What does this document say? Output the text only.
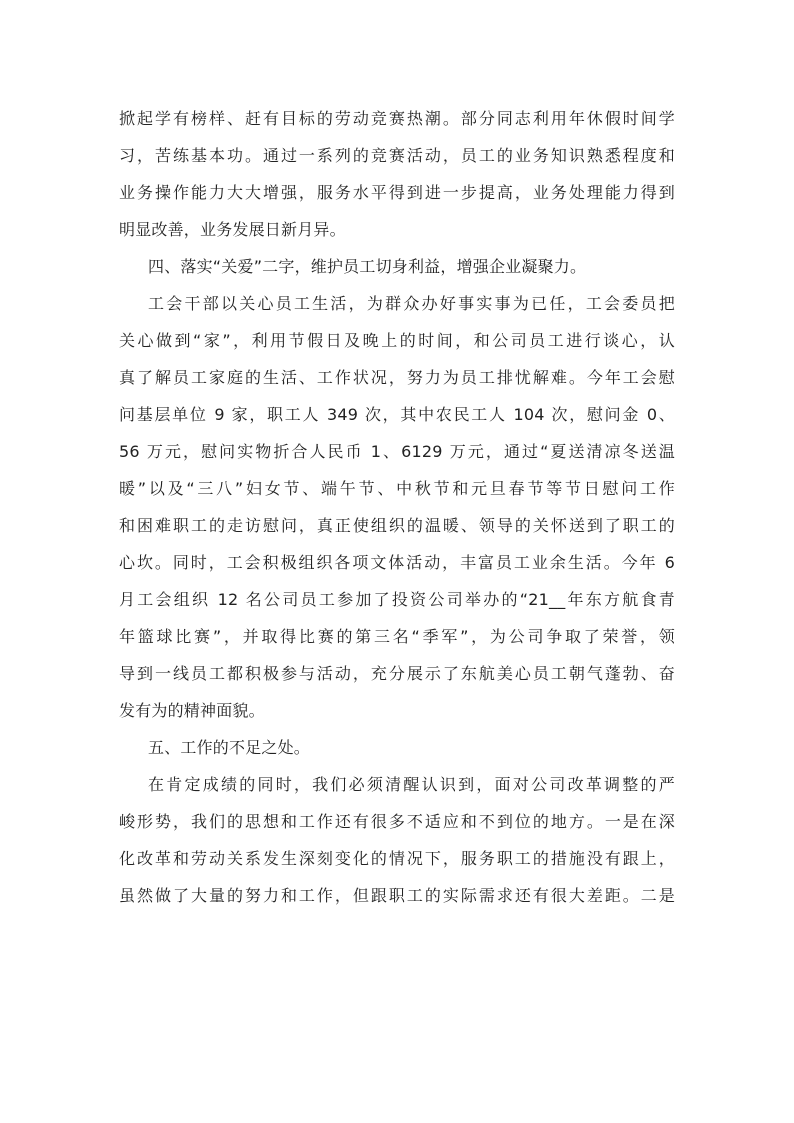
掀起学有榜样、赶有目标的劳动竞赛热潮。部分同志利用年休假时间学
习，苦练基本功。通过一系列的竞赛活动，员工的业务知识熟悉程度和
业务操作能力大大增强，服务水平得到进一步提高，业务处理能力得到
明显改善，业务发展日新月异。
四、落实“关爱”二字，维护员工切身利益，增强企业凝聚力。
工会干部以关心员工生活，为群众办好事实事为已任，工会委员把
关心做到“家”，利用节假日及晚上的时间，和公司员工进行谈心，认
真了解员工家庭的生活、工作状况，努力为员工排忧解难。今年工会慰
问基层单位 9 家，职工人 349 次，其中农民工人 104 次，慰问金 0、
56 万元，慰问实物折合人民币 1、6129 万元，通过“夏送清凉冬送温
暖”以及“三八”妇女节、端午节、中秋节和元旦春节等节日慰问工作
和困难职工的走访慰问，真正使组织的温暖、领导的关怀送到了职工的
心坎。同时，工会积极组织各项文体活动，丰富员工业余生活。今年 6
月工会组织 12 名公司员工参加了投资公司举办的“21__年东方航食青
年篮球比赛”，并取得比赛的第三名“季军”，为公司争取了荣誉，领
导到一线员工都积极参与活动，充分展示了东航美心员工朝气蓬勃、奋
发有为的精神面貌。
五、工作的不足之处。
在肯定成绩的同时，我们必须清醒认识到，面对公司改革调整的严
峻形势，我们的思想和工作还有很多不适应和不到位的地方。一是在深
化改革和劳动关系发生深刻变化的情况下，服务职工的措施没有跟上，
虽然做了大量的努力和工作，但跟职工的实际需求还有很大差距。二是
